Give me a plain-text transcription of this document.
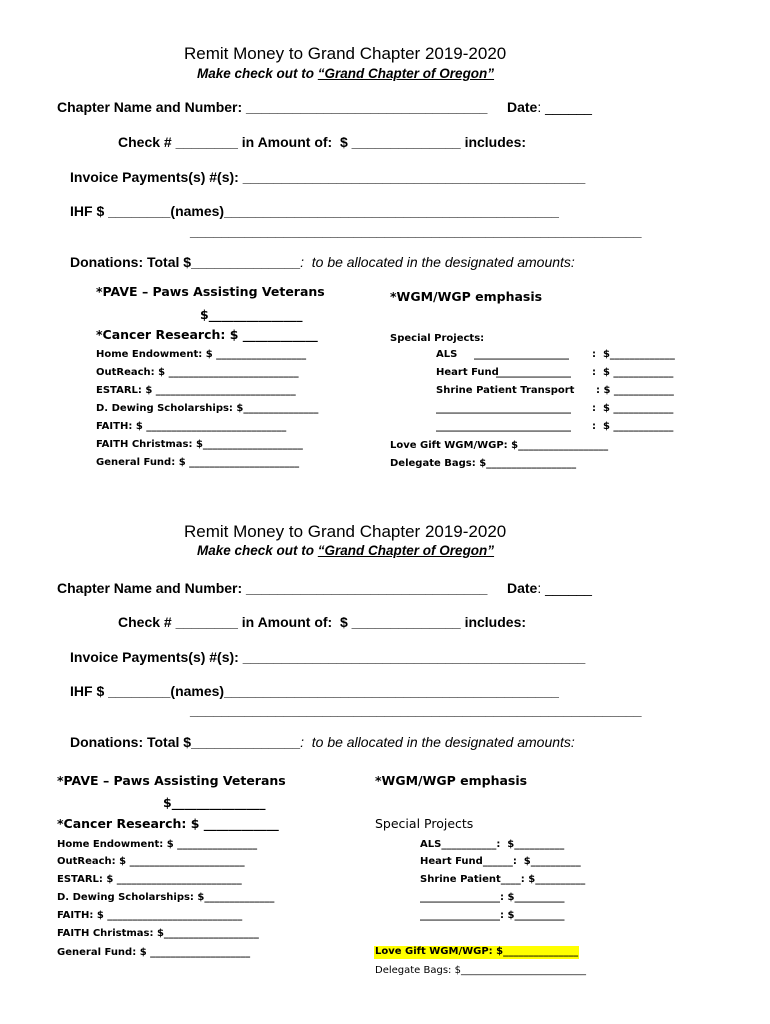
Remit Money to Grand Chapter 2019-2020
Make check out to “Grand Chapter of Oregon”
Chapter Name and Number: _______________________________ Date: ______
Check # ________ in Amount of:  $ ______________ includes:
Invoice Payments(s) #(s): ____________________________________________
IHF $ ________(names)___________________________________________
__________________________________________________________
Donations: Total $______________:  to be allocated in the designated amounts:
*PAVE – Paws Assisting Veterans
$_______________
*WGM/WGP emphasis
*Cancer Research: $ ____________	Special Projects:
Home Endowment: $ __________________
OutReach: $ __________________________
ESTARL: $ ____________________________
D. Dewing Scholarships: $_______________
FAITH: $ ____________________________
FAITH Christmas: $____________________
General Fund: $ ______________________
ALS ___________________ :  $_____________
Heart Fund
_______________ :  $ ____________
Shrine Patient Transport : $ ____________
___________________________ :  $ ____________
___________________________ :  $ ____________
Love Gift WGM/WGP: $__________________
Delegate Bags: $__________________
Remit Money to Grand Chapter 2019-2020
Make check out to “Grand Chapter of Oregon”
Chapter Name and Number: _______________________________ Date: ______
Check # ________ in Amount of:  $ ______________ includes:
Invoice Payments(s) #(s): ____________________________________________
IHF $ ________(names)___________________________________________
__________________________________________________________
Donations: Total $______________:  to be allocated in the designated amounts:
*PAVE – Paws Assisting Veterans
$_______________
*WGM/WGP emphasis
*Cancer Research: $ ____________	Special Projects
Home Endowment: $ ________________
OutReach: $ _______________________
ESTARL: $ _________________________
D. Dewing Scholarships: $______________
FAITH: $ ___________________________
FAITH Christmas: $___________________
General Fund: $ ____________________
ALS___________:  $__________
Heart Fund______:  $__________
Shrine Patient____: $__________
________________: $__________
________________: $__________
Love Gift WGM/WGP: $_______________
Delegate Bags: $_________________________
